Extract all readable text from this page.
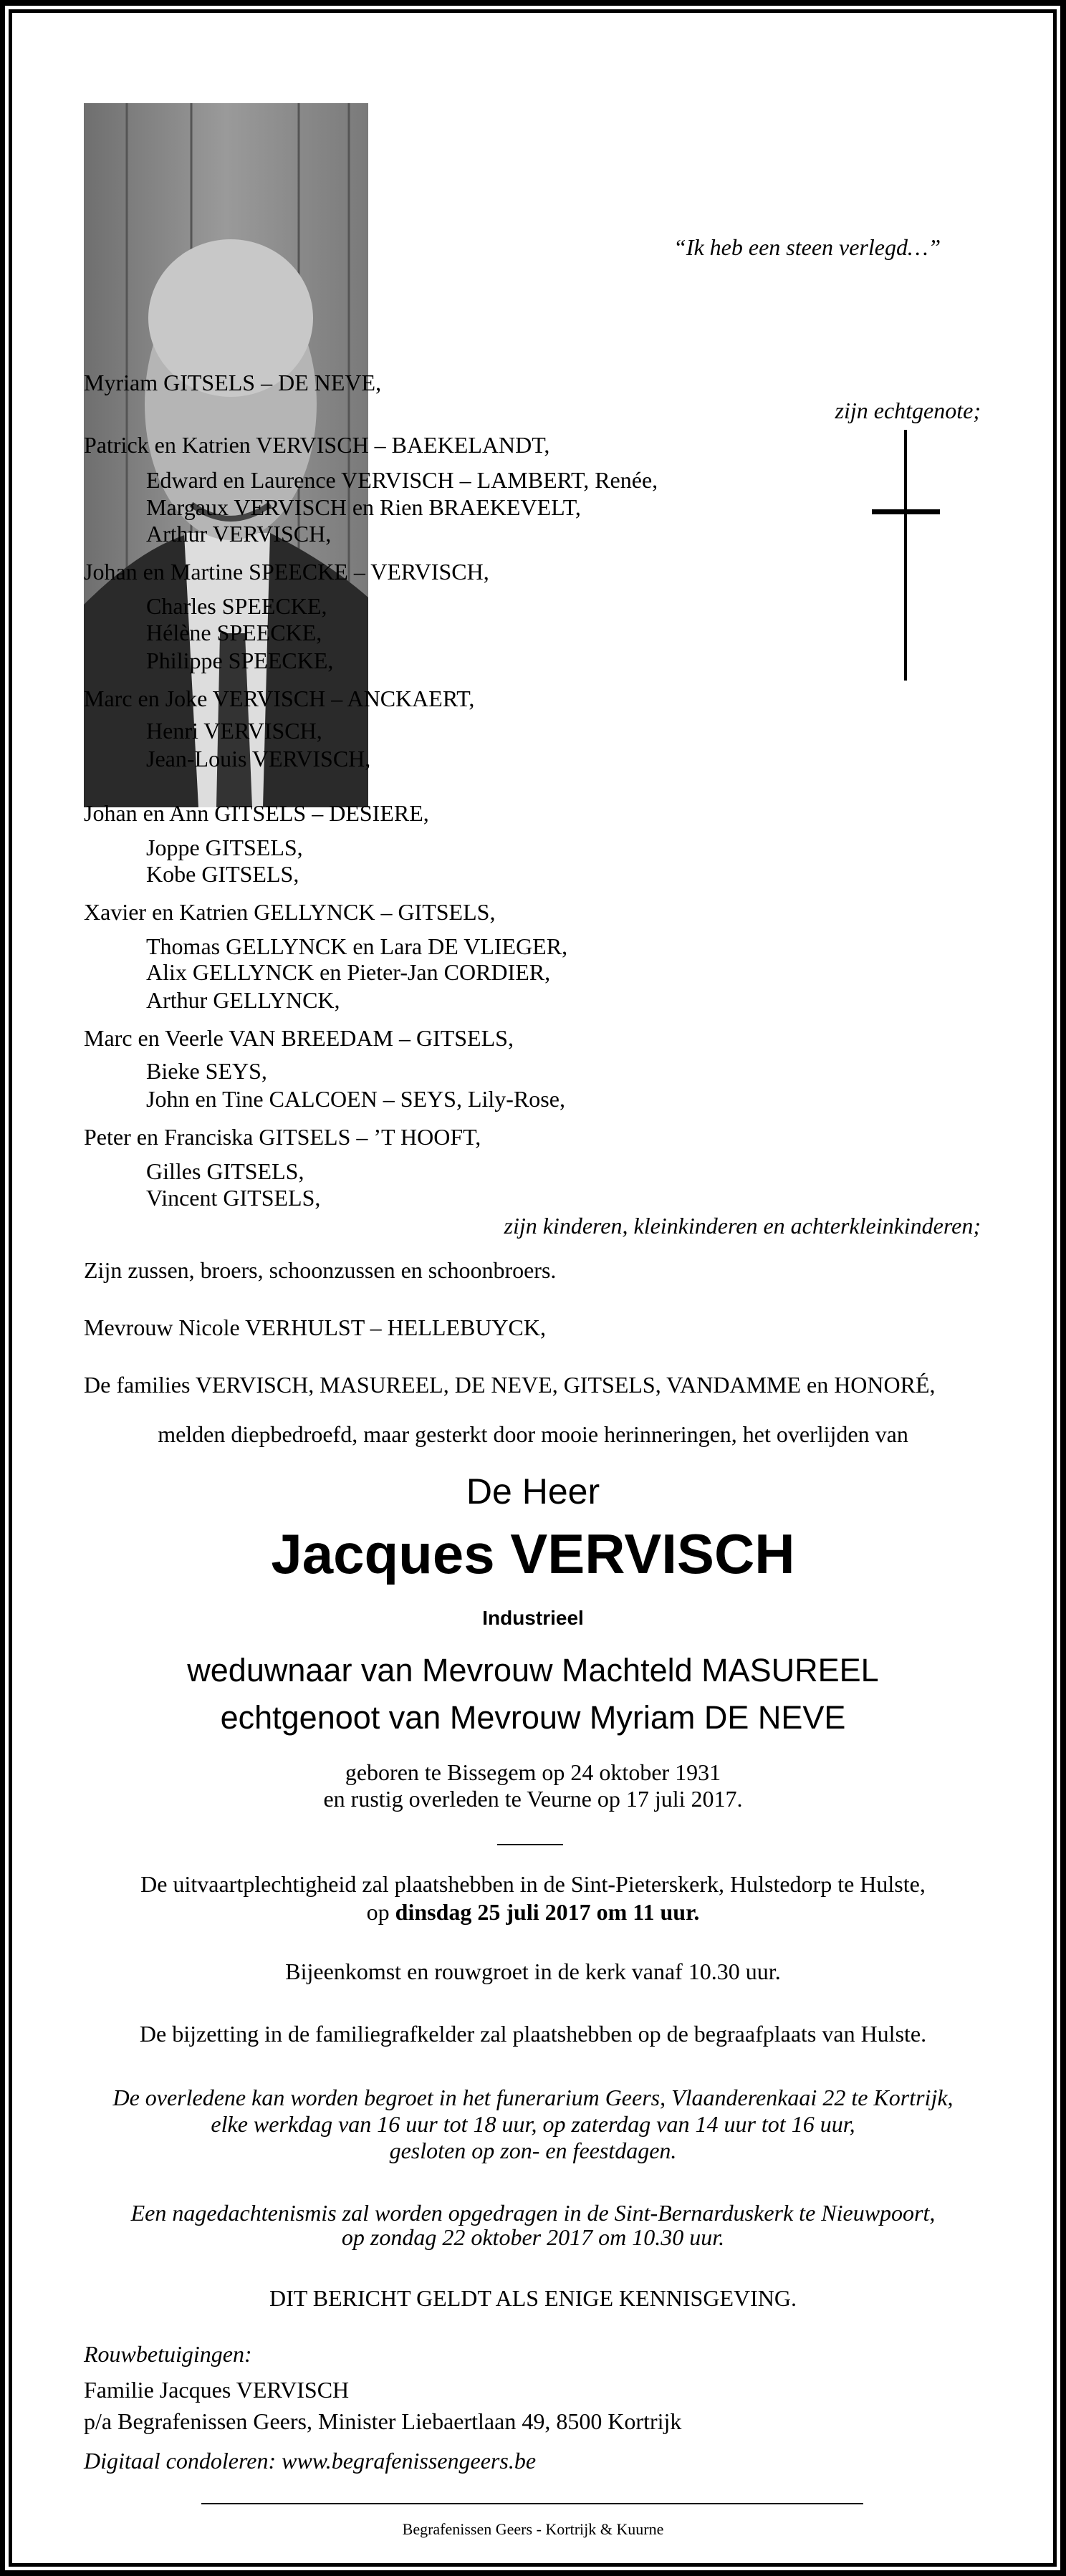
“Ik heb een steen verlegd…”
Myriam GITSELS – DE NEVE,
zijn echtgenote;
Patrick en Katrien VERVISCH – BAEKELANDT,
Edward en Laurence VERVISCH – LAMBERT, Renée,
Margaux VERVISCH en Rien BRAEKEVELT,
Arthur VERVISCH,
Johan en Martine SPEECKE – VERVISCH,
Charles SPEECKE,
Hélène SPEECKE,
Philippe SPEECKE,
Marc en Joke VERVISCH – ANCKAERT,
Henri VERVISCH,
Jean-Louis VERVISCH,
Johan en Ann GITSELS – DESIERE,
Joppe GITSELS,
Kobe GITSELS,
Xavier en Katrien GELLYNCK – GITSELS,
Thomas GELLYNCK en Lara DE VLIEGER,
Alix GELLYNCK en Pieter-Jan CORDIER,
Arthur GELLYNCK,
Marc en Veerle VAN BREEDAM – GITSELS,
Bieke SEYS,
John en Tine CALCOEN – SEYS, Lily-Rose,
Peter en Franciska GITSELS – ’T HOOFT,
Gilles GITSELS,
Vincent GITSELS,
zijn kinderen, kleinkinderen en achterkleinkinderen;
Zijn zussen, broers, schoonzussen en schoonbroers.
Mevrouw Nicole VERHULST – HELLEBUYCK,
De families VERVISCH, MASUREEL, DE NEVE, GITSELS, VANDAMME en HONORÉ,
melden diepbedroefd, maar gesterkt door mooie herinneringen, het overlijden van
De Heer
Jacques VERVISCH
Industrieel
weduwnaar van Mevrouw Machteld MASUREEL
echtgenoot van Mevrouw Myriam DE NEVE
geboren te Bissegem op 24 oktober 1931
en rustig overleden te Veurne op 17 juli 2017.
De uitvaartplechtigheid zal plaatshebben in de Sint-Pieterskerk, Hulstedorp te Hulste,
op dinsdag 25 juli 2017 om 11 uur.
Bijeenkomst en rouwgroet in de kerk vanaf 10.30 uur.
De bijzetting in de familiegrafkelder zal plaatshebben op de begraafplaats van Hulste.
De overledene kan worden begroet in het funerarium Geers, Vlaanderenkaai 22 te Kortrijk,
elke werkdag van 16 uur tot 18 uur, op zaterdag van 14 uur tot 16 uur,
gesloten op zon- en feestdagen.
Een nagedachtenismis zal worden opgedragen in de Sint-Bernarduskerk te Nieuwpoort,
op zondag 22 oktober 2017 om 10.30 uur.
DIT BERICHT GELDT ALS ENIGE KENNISGEVING.
Rouwbetuigingen:
Familie Jacques VERVISCH
p/a Begrafenissen Geers, Minister Liebaertlaan 49, 8500 Kortrijk
Digitaal condoleren: www.begrafenissengeers.be
Begrafenissen Geers - Kortrijk & Kuurne
